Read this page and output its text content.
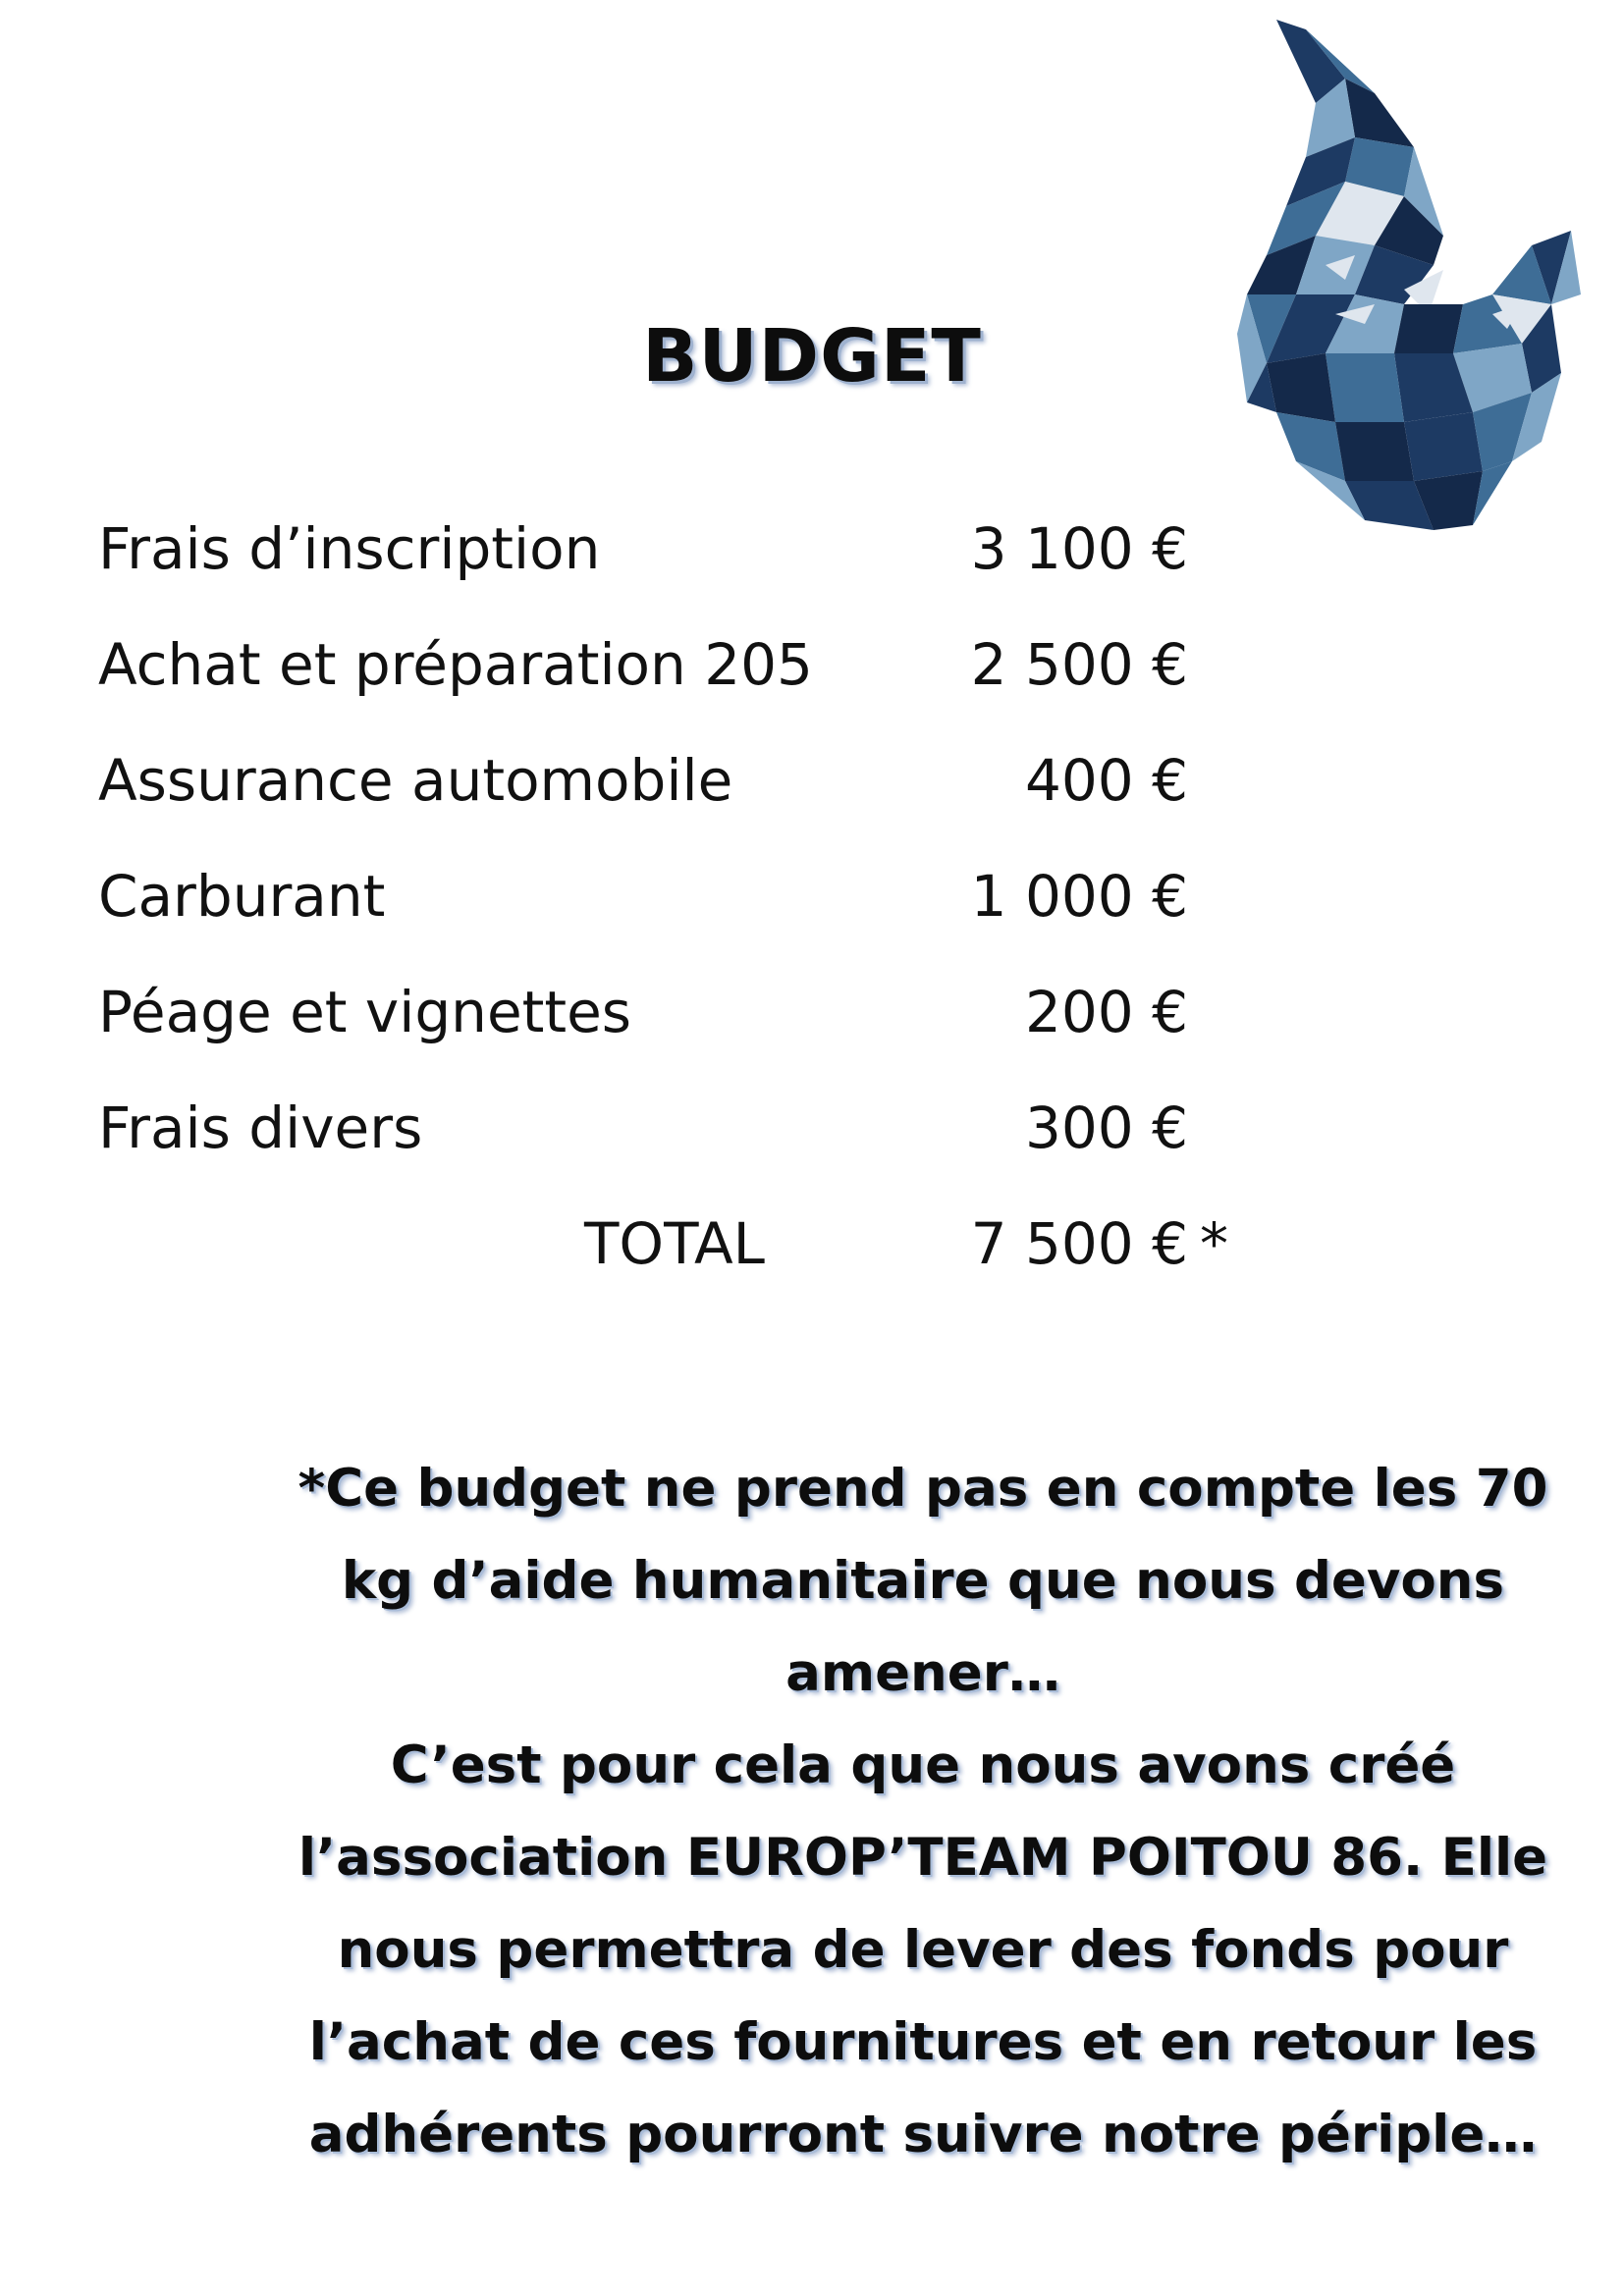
BUDGET
Frais d’inscription	3 100 €
Achat et préparation 205	2 500 €
Assurance automobile	400 €
Carburant	1 000 €
Péage et vignettes	200 €
Frais divers	300 €
TOTAL	7 500 € *

*Ce budget ne prend pas en compte les 70 kg d’aide humanitaire que nous devons amener…

C’est pour cela que nous avons créé l’association EUROP’TEAM POITOU 86. Elle nous permettra de lever des fonds pour l’achat de ces fournitures et en retour les adhérents pourront suivre notre périple…
